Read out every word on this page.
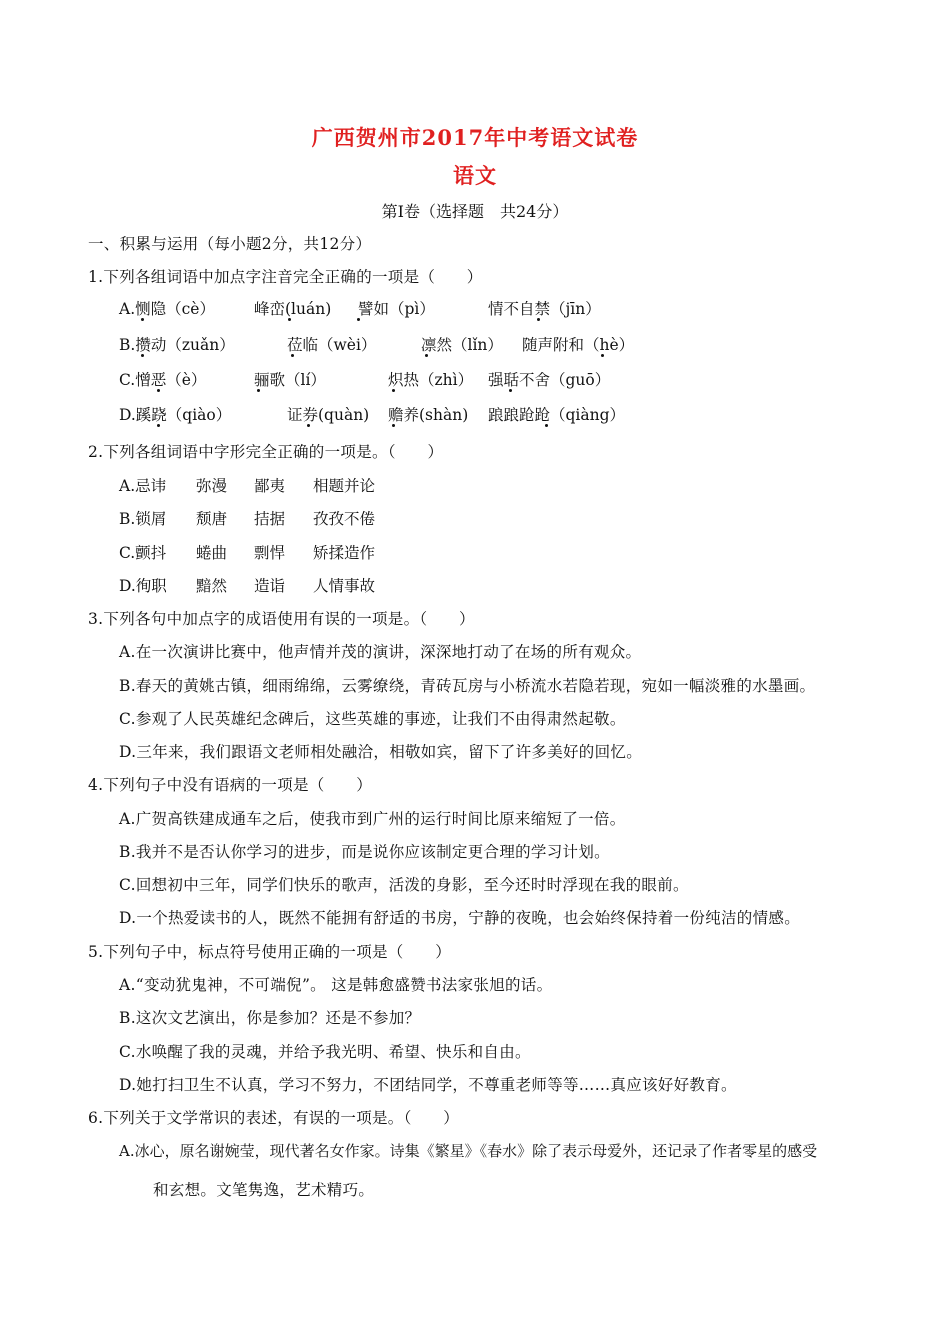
广西贺州市2017年中考语文试卷
语文
第Ⅰ卷（选择题　共24分）
一、积累与运用（每小题2分，共12分）
1.下列各组词语中加点字注音完全正确的一项是（　　）
A.恻隐（cè）	峰峦(luán) 譬如（pì）	情不自禁（jīn）
B.攒动（zuǎn）	莅临（wèi）	凛然（lǐn） 随声附和（hè）
C.憎恶（è）	骊歌（lí）	炽热（zhì） 强聒不舍（guō）
D.蹊跷（qiào）	证券(quàn) 赡养(shàn) 踉踉跄跄（qiàng）
2.下列各组词语中字形完全正确的一项是。（　　）
A.忌讳 弥漫 鄙夷 相题并论
B.锁屑 颓唐 拮据 孜孜不倦
C.颤抖 蜷曲 剽悍 矫揉造作
D.徇职 黯然 造诣 人情事故
3.下列各句中加点字的成语使用有误的一项是。（　　）
A.在一次演讲比赛中，他声情并茂的演讲，深深地打动了在场的所有观众。
B.春天的黄姚古镇，细雨绵绵，云雾缭绕，青砖瓦房与小桥流水若隐若现，宛如一幅淡雅的水墨画。
C.参观了人民英雄纪念碑后，这些英雄的事迹，让我们不由得肃然起敬。
D.三年来，我们跟语文老师相处融洽，相敬如宾，留下了许多美好的回忆。
4.下列句子中没有语病的一项是（　　）
A.广贺高铁建成通车之后，使我市到广州的运行时间比原来缩短了一倍。
B.我并不是否认你学习的进步，而是说你应该制定更合理的学习计划。
C.回想初中三年，同学们快乐的歌声，活泼的身影，至今还时时浮现在我的眼前。
D.一个热爱读书的人，既然不能拥有舒适的书房，宁静的夜晚，也会始终保持着一份纯洁的情感。
5.下列句子中，标点符号使用正确的一项是（　　）
A.“变动犹鬼神，不可端倪”。 这是韩愈盛赞书法家张旭的话。
B.这次文艺演出，你是参加？还是不参加？
C.水唤醒了我的灵魂，并给予我光明、希望、快乐和自由。
D.她打扫卫生不认真，学习不努力，不团结同学，不尊重老师等等……真应该好好教育。
6.下列关于文学常识的表述，有误的一项是。（　　）
A.冰心，原名谢婉莹，现代著名女作家。诗集《繁星》《春水》除了表示母爱外，还记录了作者零星的感受
和玄想。文笔隽逸，艺术精巧。
